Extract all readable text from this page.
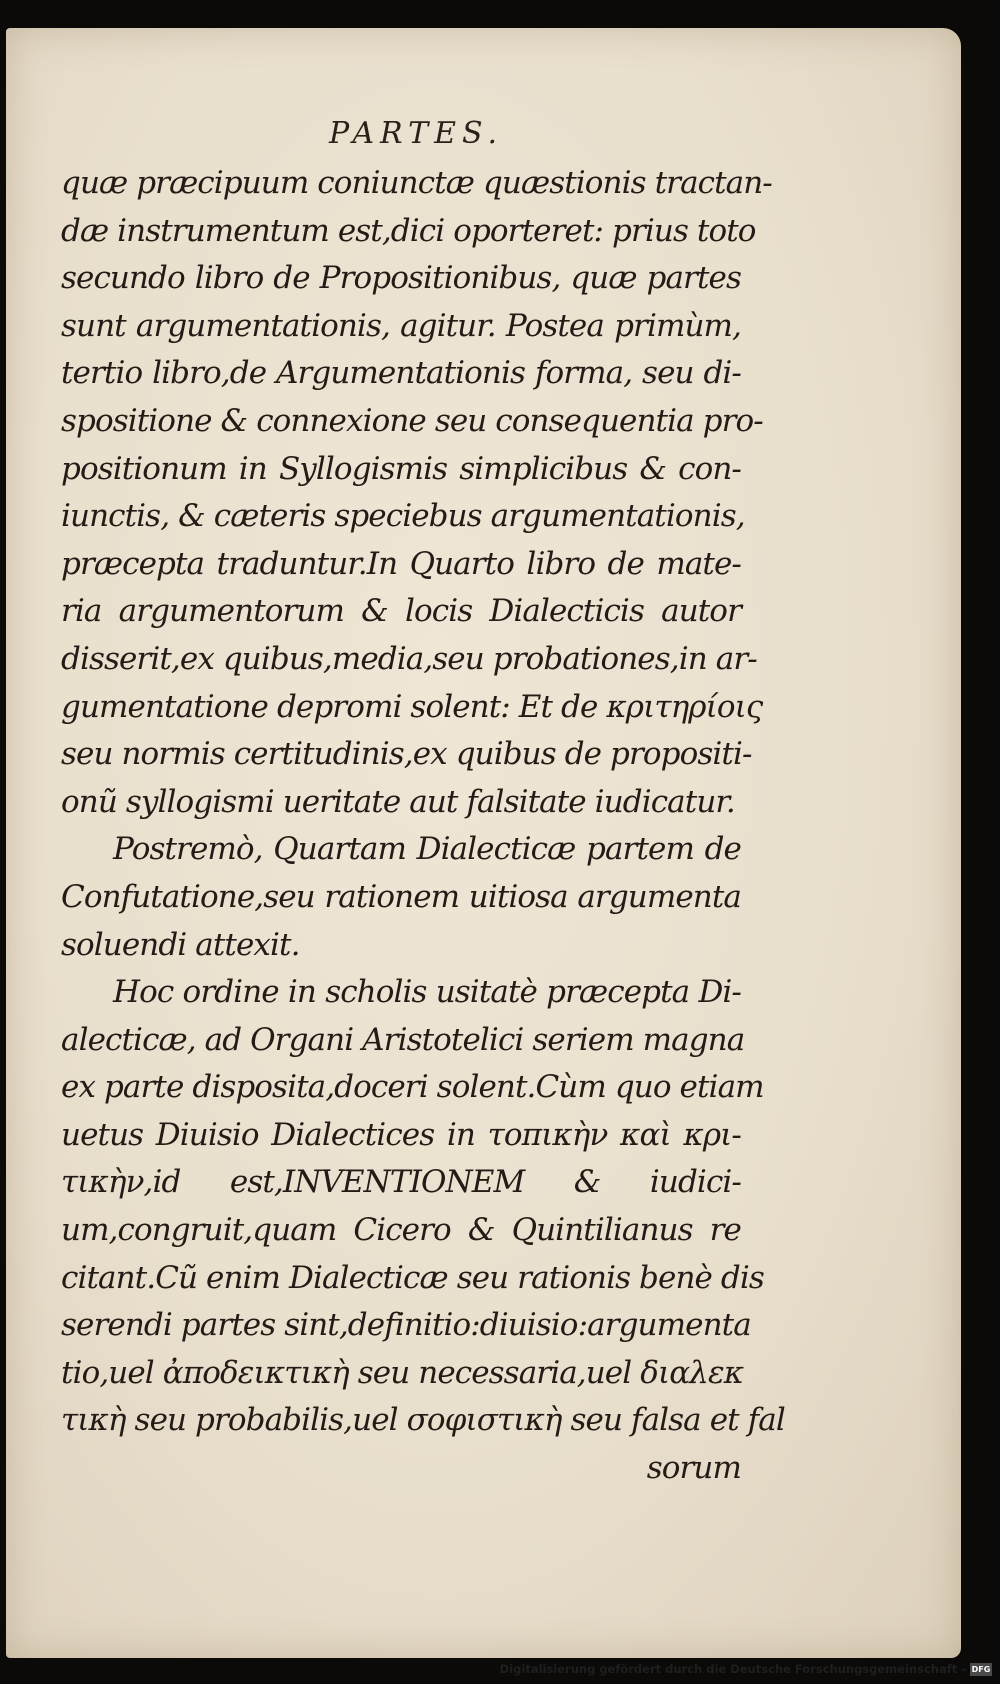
PARTES.
quæ præcipuum coniunctæ quæstionis tractan-
dæ instrumentum est,dici oporteret: prius toto
secundo libro de Propositionibus, quæ partes
sunt argumentationis, agitur. Postea primùm,
tertio libro,de Argumentationis forma, seu di-
spositione & connexione seu consequentia pro-
positionum in Syllogismis simplicibus & con-
iunctis, & cæteris speciebus argumentationis,
præcepta traduntur.In Quarto libro de mate-
ria argumentorum & locis Dialecticis autor
disserit,ex quibus,media,seu probationes,in ar-
gumentatione depromi solent: Et de κριτηρίοις
seu normis certitudinis,ex quibus de propositi-
onũ syllogismi ueritate aut falsitate iudicatur.
Postremò, Quartam Dialecticæ partem de
Confutatione,seu rationem uitiosa argumenta
soluendi attexit.
Hoc ordine in scholis usitatè præcepta Di-
alecticæ, ad Organi Aristotelici seriem magna
ex parte disposita,doceri solent.Cùm quo etiam
uetus Diuisio Dialectices in τοπικὴν καὶ κρι-
τικὴν,id est,INVENTIONEM & iudici-
um,congruit,quam Cicero & Quintilianus re
citant.Cũ enim Dialecticæ seu rationis benè dis
serendi partes sint,definitio:diuisio:argumenta
tio,uel ἀποδεικτικὴ seu necessaria,uel διαλεκ
τικὴ seu probabilis,uel σοφιστικὴ seu falsa et fal
sorum
Digitalisierung gefördert durch die Deutsche Forschungsgemeinschaft - DFG
